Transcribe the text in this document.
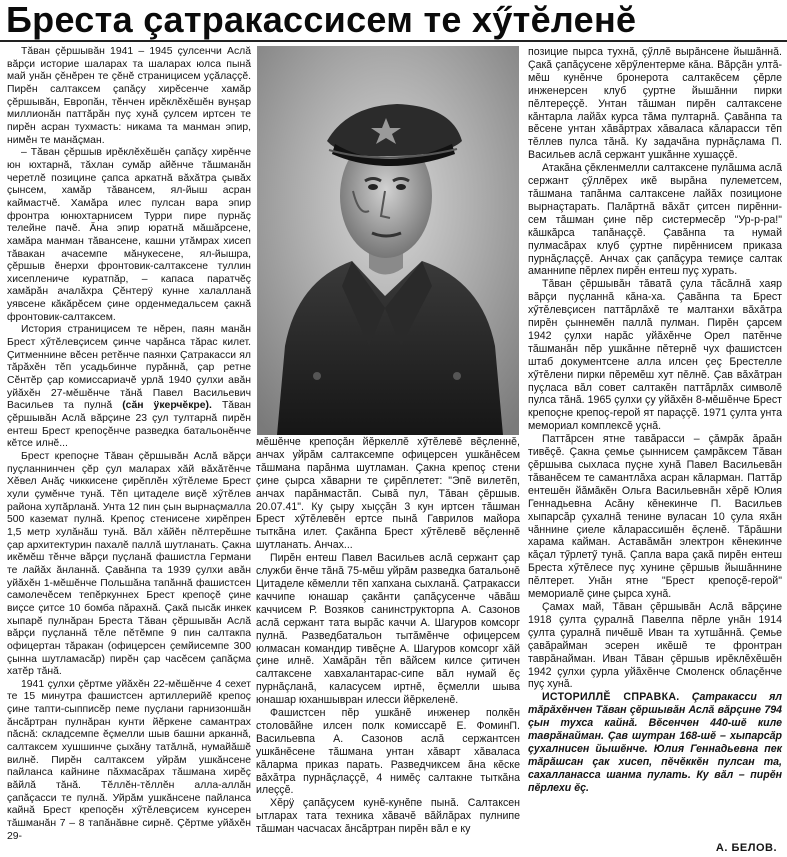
Бреста çатракассисем те хӳтĕленĕ

Тăван çĕршывăн 1941 – 1945 çулсенчи Аслă вăрçи историе шалаpax та шалаpax юлса пынă май унăн çĕнĕрен те çĕнĕ страницисем уçăлаççĕ. Пирĕн салтаксем çапăçу хирĕсенче хамăр çĕршывăн, Европăн, тĕнчен ирĕклĕхĕшĕн вунşaр миллионăн паттăрăн пуç хунă çулсем иртсен те пирĕн асран тухмасть: никама та манман эпир, нимĕн те манăçман.

– Тăван çĕршыв ирĕклĕхĕшĕн çапăçу хирĕнче юн юхтарнă, тăхлан сумăр айĕнче тăшманăн черетлĕ позицине çапса аркатнă вăхăтра çывăх çынсем, хамăр тăвансем, ял-йыш асран каймастчĕ. Хамăра илес пулсан вара эпир фронтра юнюхтарнисем Турри пире пурнăç телейне пачĕ. Ăна эпир юратнă мăшăрсене, хамăра манман тăвансене, кашни утăмрах хисеп тăвакан ачасемпе мăнукесене, ял-йышра, çĕршыв ĕнерхи фронтовик-салтаксене туллин хисеплениче куратпăр, – капаса паратчĕç хамăрăн ачалăхра Çĕнтерÿ кунне халалланă уявсене кăкăрĕсем çине орденмедальсем çакнă фронтовик-салтаксем.

История страницисем те нĕрен, паян манăн Брест хӳтĕлевçисем çинче чарăнса тăрас килет. Çитменнине вĕсен ретĕнче паянхи Çатракасси ял тăрăхĕн тĕп усадьбинче пурăннă, çар ретне Сĕнтĕр çар комиссариачĕ урлă 1940 çулхи авăн уйăхĕн 27-мĕшĕнче тăнă Павел Васильевич Васильев та пулнă (сăн ÿкерчĕкре). Тăван çĕршывăн Аслă вăрçине 23 çул тултарнă пирĕн ентеш Брест крепоçĕнче разведка батальонĕнче кĕтсе илнĕ...

Брест крепоçне Тăван çĕршывăн Аслă вăрçи пуçланнинчен çĕр çул малаpax хăй вăхăтĕнче Хĕвел Анăç чиккисене çирĕплĕн хӳтĕлеме Брест хули çумĕнче тунă. Тĕп цитаделе виçĕ хӳтĕлев района хуπăрланă. Унта 12 пин çын вырнаçмалла 500 каземат пулнă. Крепоç стенисене хирĕпрен 1,5 метр хулăнăш тунă. Вăл хăйĕн пĕлтерĕшне çар архитектурин пахалĕ паллă шутланать. Çакна икĕмĕш тĕнче вăрçи пуçланă фашистла Германи те лайăх ăнланнă. Çавăнпа та 1939 çулхи авăн уйăхĕн 1-мĕшĕнче Польшăна тапăннă фашистсен самолечĕсем тепĕркуннех Брест крепоçĕ çине виçсе çитсе 10 бомба пăрахнă. Çакă пысăк инкек хыпарĕ пулнăран Бреста Тăван çĕршывăн Аслă вăрçи пуçланнă тĕле пĕтĕмпе 9 пин салтакпа офицертан тăракан (офицерсен çемйисемпе 300 çынна шутламасăр) пирĕн çар часĕсем çапăçма хатĕр тăнă.

1941 çулхи çĕртме уйăхĕн 22-мĕшĕнче 4 сехет те 15 минутра фашистсен артиллерийĕ крепоç çине тапти-сыпписĕр пеме пуçлани гарнизоншăн ăнсăртран пулнăран кунти йĕркене самантрах пăснă: складсемпе ĕçмелли шыв башни арканнă, салтаксем хушшинче çыхăну татăлнă, нумайăшĕ вилнĕ. Пирĕн салтаксем уйрăм ушкăнсене пайланса кайнине пăхмасăрах тăшмана хирĕç вăйлă тăнă. Тĕллĕн-тĕллĕн алла-аллăн çапăçасси те пулнă. Уйрăм ушкăнсене пайланса кайнă Брест крепоçĕн хӳтĕлевçисем кунсерен тăшманăн 7 – 8 тапăнăвне сирнĕ. Çĕртме уйăхĕн 29-

мĕшĕнче крепоçăн йĕркеллĕ хӳтĕлевĕ вĕçленнĕ, анчах уйрăм салтаксемпе офицерсен ушкăнĕсем тăшмана парăнма шутламан. Çакна крепоç стени çине çырса хăварни те çирĕплетет: "Эпĕ вилетĕп, анчах парăнмастăп. Сывă пул, Тăван çĕршыв. 20.07.41". Ку çыру хыççăн 3 кун иртсен тăшман Брест хӳтĕлевĕн ертсе пынă Гаврилов майора тыткăна илет. Çакăнпа Брест хӳтĕлевĕ вĕçленнĕ шутланать. Анчах...

Пирĕн ентеш Павел Васильев аслă сержант çар служби ĕнче тăнă 75-мĕш уйрăм разведка батальонĕ Цитаделе кĕмелли тĕп хапхана сыхланă. Çатракасси каччипе юнашар çакăнти çапăçусенче чăвăш каччисем Р. Возяков санинструкторпа А. Сазонов аслă сержант тата вырăс каччи А. Шагуров комсорг пулнă. Разведбатальон тытăмĕнче офицерсем юлмасан командир тивĕçне А. Шагуров комсорг хăй çине илнĕ. Хамăрăн тĕп вăйсем килсе çитичен салтаксене хавхалантарас-сипе вăл нумай ĕç пурнăçланă, каласусем иртнĕ, ĕçмелли шыва юнашар юханшывран илесси йĕркеленĕ.

Фашистсен пĕр ушкăнĕ инженер полкĕн столовăйне илсен полк комиссарĕ Е. ФоминП. Васильевпа А. Сазонов аслă сержантсен ушкăнĕсене тăшмана унтан хăварт хăваласа кăларма приказ парать. Разведчиксем ăна кĕске вăхăтра пурнăçлаççĕ, 4 нимĕç салтакне тыткăна илеççĕ.

Хĕрÿ çапăçусем кунĕ-кунĕпе пынă. Салтаксен ытларах тата техника хăвачĕ вăйлăрах пулнипе тăшман часчасах ăнсăртран пирĕн вăл е ку

позицие пырса тухнă, çӳллĕ вырăнсене йышăннă. Çакă çапăçусене хĕрӳлентерме кăна. Вăрçăн ултă-мĕш кунĕнче бронерота салтакĕсем çĕрле инженерсен клуб çуртне йышăнни пирки пĕлтереççĕ. Унтан тăшман пирĕн салтаксене кăнтарла лайăх курса тăма пултарнă. Çавăнпа та вĕсене унтан хăвăртрах хăваласа кăларасси тĕп тĕллев пулса тăнă. Ку задачăна пурнăçлама П. Васильев аслă сержант ушкăнне хушаççĕ.

Атакăна çĕкленмелли салтаксене пулăшма аслă сержант çӳллĕрех икĕ вырăна пулеметсем, тăшмана тапăнма салтаксене лайăх позиционе вырнаçтарать. Палăртнă вăхăт çитсен пирĕнни-сем тăшман çине пĕр систермесĕр "Ур-р-ра!" кăшкăрса тапăнаççĕ. Çавăнпа та нумай пулмасăрах клуб çуртне пирĕннисем приказа пурнăçлаççĕ. Анчах çак çапăçура темиçе салтак аманнипе пĕрлех пирĕн ентеш пуç хурать.

Тăван çĕршывăн тăватă çула тăсăлнă хаяр вăрçи пуçланнă кăна-ха. Çавăнпа та Брест хӳтĕлевçисен паттăрлăхĕ те малтанхи вăхăтра пирĕн çыннемĕн паллă пулман. Пирĕн çарсем 1942 çулхи нарăс уйăхĕнче Орел патĕнче тăшманăн пĕр ушкăнне пĕтернĕ чух фашистсен штаб документсене алла илсен çеç Брестелле хӳтĕлени пирки пĕремĕш хут пĕлнĕ. Çав вăхăтран пуçласа вăл совет салтакĕн паттăрлăх символĕ пулса тăнă. 1965 çулхи çу уйăхĕн 8-мĕшĕнче Брест крепоçне крепоç-герой ят параççĕ. 1971 çулта унта мемориал комплексĕ уçнă.

Паттăрсен ятне тавăрасси – çăмрăк ăраăн тивĕçĕ. Çакна çемье çыннисем çамрăксем Тăван çĕршыва сыхласа пуçне хунă Павел Васильевăн тăванĕсем те самантлăха асран кăларман. Паттăр ентешĕн йăмăкĕн Ольга Васильевнăн хĕрĕ Юлия Геннадьевна Асăну кĕнекинче П. Васильев хыпарсăр çухалнă тенине вуласан 10 çула яхăн чăннине çиеле кăларассишĕн ĕçленĕ. Тăрăшни харама кайман. Аставăмăн электрон кĕнекинче кăçал тӳрлетӳ тунă. Çапла вара çакă пирĕн ентеш Бреста хӳтĕлесе пуç хунине çĕршыв йышăннине пĕлтерет. Унăн ятне "Брест крепоçĕ-герой" мемориалĕ çине çырса хунă.

Çамах май, Тăван çĕршывăн Аслă вăрçине 1918 çулта çуралнă Павелпа пĕрле унăн 1914 çулта çуралнă пичĕшĕ Иван та хутшăннă. Çемье çавăрайман эсерен икĕшĕ те фронтран таврăнайман. Иван Тăван çĕршыв ирĕклĕхĕшĕн 1942 çулхи çурла уйăхĕнче Смоленск облаçĕнче пуç хунă.

ИСТОРИЛЛĔ СПРАВКА. Çатракасси ял тăрăхĕнчен Тăван çĕршывăн Аслă вăрçине 794 çын тухса кайнă. Вĕсенчен 440-шĕ киле таврăнайман. Çав шутран 168-шĕ – хыпарсăр çухалнисен йышĕнче. Юлия Геннадьевна пек тăрăшсан çак хисеп, пĕчĕккĕн пулсан та, сахалланасса шанма пулать. Ку вăл – пирĕн пĕрлехи ĕç.

А. БЕЛОВ.
